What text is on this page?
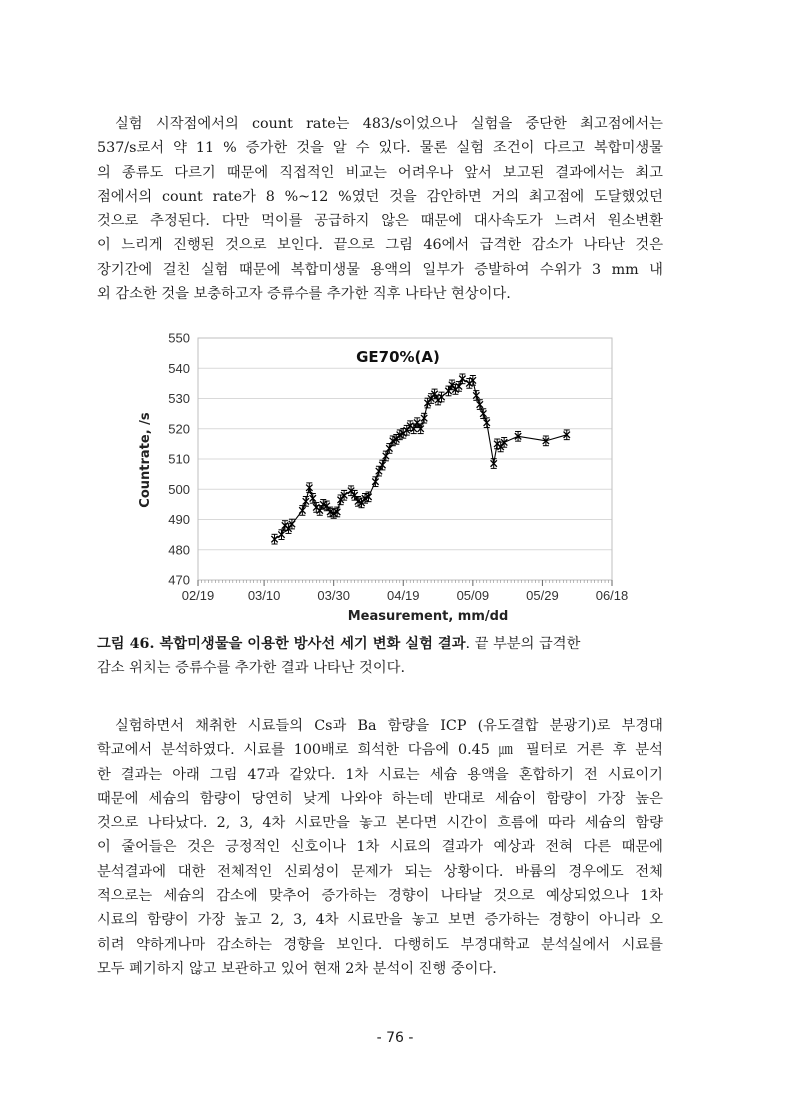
실험 시작점에서의 count rate는 483/s이었으나 실험을 중단한 최고점에서는
537/s로서 약 11 % 증가한 것을 알 수 있다. 물론 실험 조건이 다르고 복합미생물
의 종류도 다르기 때문에 직접적인 비교는 어려우나 앞서 보고된 결과에서는 최고
점에서의 count rate가 8 %~12 %였던 것을 감안하면 거의 최고점에 도달했었던
것으로 추정된다. 다만 먹이를 공급하지 않은 때문에 대사속도가 느려서 원소변환
이 느리게 진행된 것으로 보인다. 끝으로 그림 46에서 급격한 감소가 나타난 것은
장기간에 걸친 실험 때문에 복합미생물 용액의 일부가 증발하여 수위가 3 mm 내
외 감소한 것을 보충하고자 증류수를 추가한 직후 나타난 현상이다.
470
480
490
500
510
520
530
540
550
02/19	03/10	03/30	04/19	05/09	05/29	06/18
GE70%(A)
Measurement, mm/dd
Countrate, /s

그림 46. 복합미생물을 이용한 방사선 세기 변화 실험 결과. 끝 부분의 급격한
감소 위치는 증류수를 추가한 결과 나타난 것이다.

실험하면서 채취한 시료들의 Cs과 Ba 함량을 ICP (유도결합 분광기)로 부경대
학교에서 분석하였다. 시료를 100배로 희석한 다음에 0.45 ㎛ 필터로 거른 후 분석
한 결과는 아래 그림 47과 같았다. 1차 시료는 세슘 용액을 혼합하기 전 시료이기
때문에 세슘의 함량이 당연히 낮게 나와야 하는데 반대로 세슘이 함량이 가장 높은
것으로 나타났다. 2, 3, 4차 시료만을 놓고 본다면 시간이 흐름에 따라 세슘의 함량
이 줄어들은 것은 긍정적인 신호이나 1차 시료의 결과가 예상과 전혀 다른 때문에
분석결과에 대한 전체적인 신뢰성이 문제가 되는 상황이다. 바륨의 경우에도 전체
적으로는 세슘의 감소에 맞추어 증가하는 경향이 나타날 것으로 예상되었으나 1차
시료의 함량이 가장 높고 2, 3, 4차 시료만을 놓고 보면 증가하는 경향이 아니라 오
히려 약하게나마 감소하는 경향을 보인다. 다행히도 부경대학교 분석실에서 시료를
모두 폐기하지 않고 보관하고 있어 현재 2차 분석이 진행 중이다.
- 76 -
